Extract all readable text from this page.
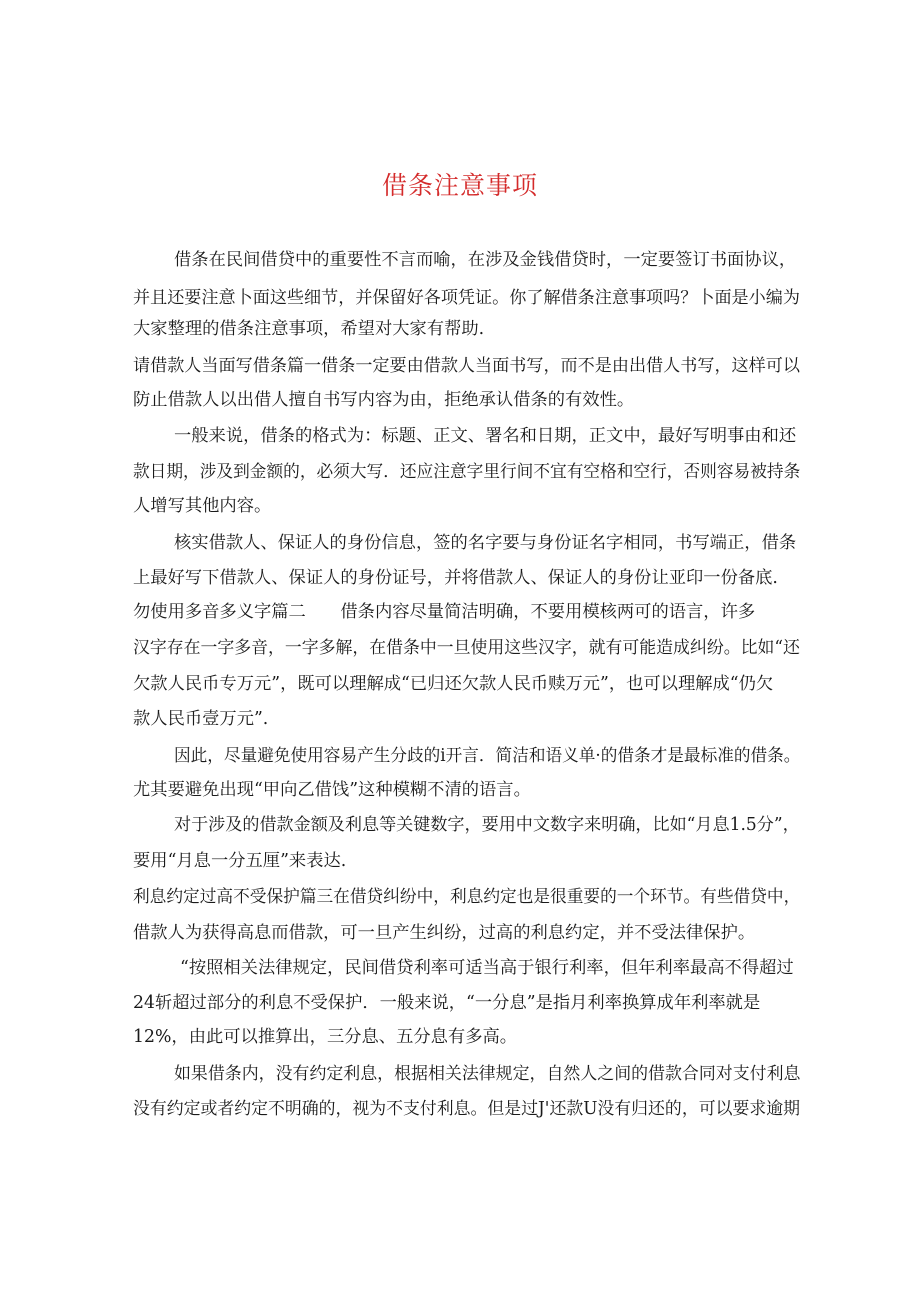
借条注意事项
借条在民间借贷中的重要性不言而喻，在涉及金钱借贷时，一定要签订书面协议，
并且还要注意卜面这些细节，并保留好各项凭证。你了解借条注意事项吗？卜面是小编为
大家整理的借条注意事项，希望对大家有帮助.
请借款人当面写借条篇一借条一定要由借款人当面书写，而不是由出借人书写，这样可以
防止借款人以出借人擅自书写内容为由，拒绝承认借条的有效性。
一般来说，借条的格式为：标题、正文、署名和日期，正文中，最好写明事由和还
款日期，涉及到金额的，必须大写．还应注意字里行间不宜有空格和空行，否则容易被持条
人增写其他内容。
核实借款人、保证人的身份信息，签的名字要与身份证名字相同，书写端正，借条
上最好写下借款人、保证人的身份证号，并将借款人、保证人的身份让亚印一份备底.
勿使用多音多义字篇二　　借条内容尽量简洁明确，不要用模核两可的语言，许多
汉字存在一字多音，一字多解，在借条中一旦使用这些汉字，就有可能造成纠纷。比如“还
欠款人民币专万元”，既可以理解成“已归还欠款人民币赎万元”，也可以理解成“仍欠
款人民币壹万元”.
因此，尽量避免使用容易产生分歧的i开言．简洁和语义单·的借条才是最标准的借条。
尤其要避免出现“甲向乙借饯”这种模糊不清的语言。
对于涉及的借款金额及利息等关键数字，要用中文数字来明确，比如“月息1.5分”，
要用“月息一分五厘”来表达.
利息约定过高不受保护篇三在借贷纠纷中，利息约定也是很重要的一个环节。有些借贷中，
借款人为获得高息而借款，可一旦产生纠纷，过高的利息约定，并不受法律保护。
“按照相关法律规定，民间借贷利率可适当高于银行利率，但年利率最高不得超过
24斩超过部分的利息不受保护．一般来说，“一分息”是指月利率换算成年利率就是
12%，由此可以推算出，三分息、五分息有多高。
如果借条内，没有约定利息，根据相关法律规定，自然人之间的借款合同对支付利息
没有约定或者约定不明确的，视为不支付利息。但是过J'还款U没有归还的，可以要求逾期
